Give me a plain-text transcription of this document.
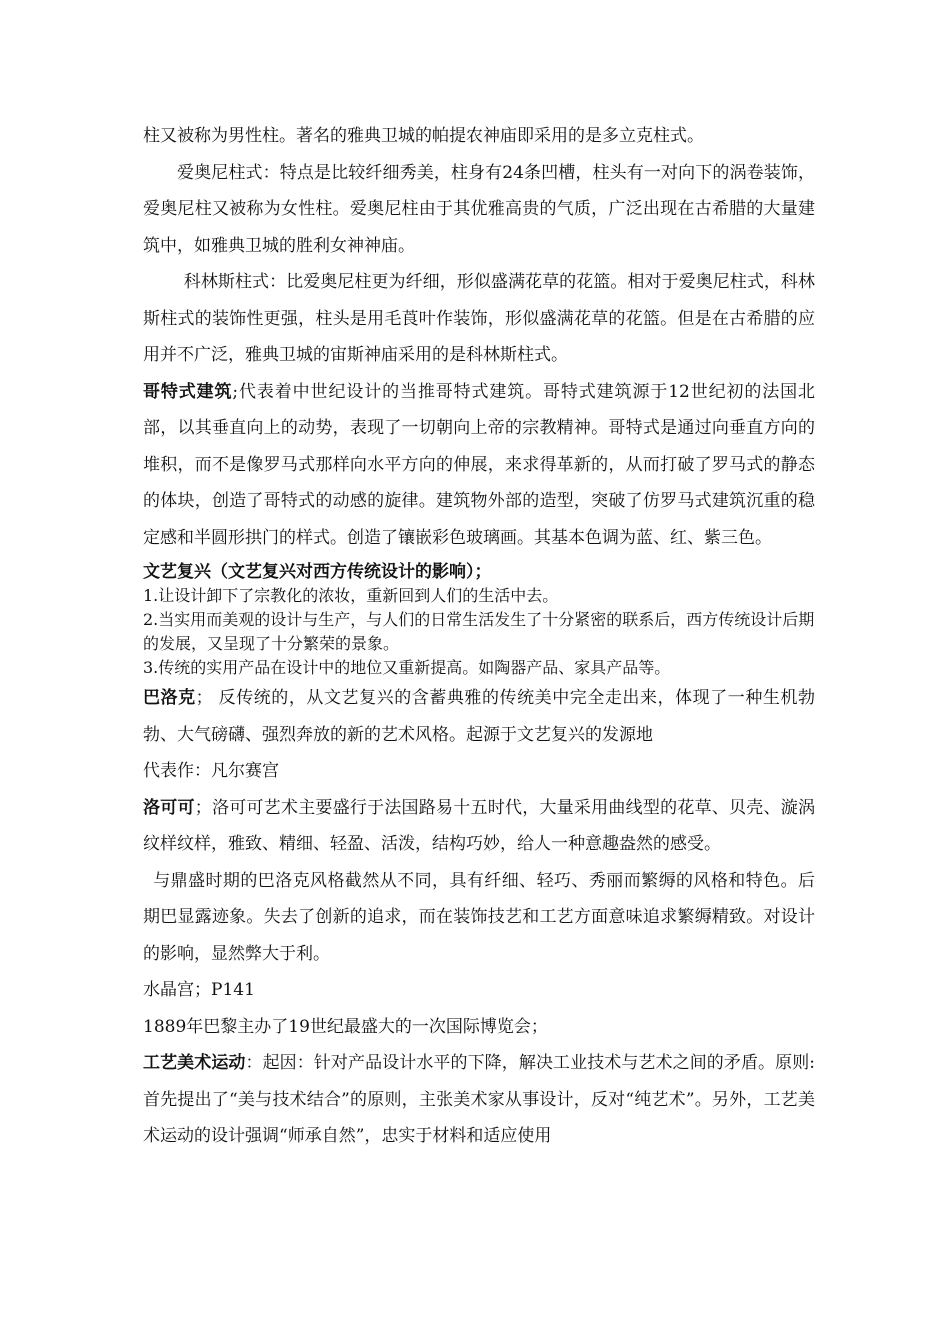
柱又被称为男性柱。著名的雅典卫城的帕提农神庙即采用的是多立克柱式。

爱奥尼柱式：特点是比较纤细秀美，柱身有24条凹槽，柱头有一对向下的涡卷装饰，爱奥尼柱又被称为女性柱。爱奥尼柱由于其优雅高贵的气质，广泛出现在古希腊的大量建筑中，如雅典卫城的胜利女神神庙。

科林斯柱式：比爱奥尼柱更为纤细，形似盛满花草的花篮。相对于爱奥尼柱式，科林斯柱式的装饰性更强，柱头是用毛莨叶作装饰，形似盛满花草的花篮。但是在古希腊的应用并不广泛，雅典卫城的宙斯神庙采用的是科林斯柱式。

哥特式建筑;代表着中世纪设计的当推哥特式建筑。哥特式建筑源于12世纪初的法国北部，以其垂直向上的动势，表现了一切朝向上帝的宗教精神。哥特式是通过向垂直方向的堆积，而不是像罗马式那样向水平方向的伸展，来求得革新的，从而打破了罗马式的静态的体块，创造了哥特式的动感的旋律。建筑物外部的造型，突破了仿罗马式建筑沉重的稳定感和半圆形拱门的样式。创造了镶嵌彩色玻璃画。其基本色调为蓝、红、紫三色。

文艺复兴（文艺复兴对西方传统设计的影响）；

1.让设计卸下了宗教化的浓妆，重新回到人们的生活中去。

2.当实用而美观的设计与生产，与人们的日常生活发生了十分紧密的联系后，西方传统设计后期的发展，又呈现了十分繁荣的景象。

3.传统的实用产品在设计中的地位又重新提高。如陶器产品、家具产品等。

巴洛克； 反传统的，从文艺复兴的含蓄典雅的传统美中完全走出来，体现了一种生机勃勃、大气磅礴、强烈奔放的新的艺术风格。起源于文艺复兴的发源地

代表作：凡尔赛宫

洛可可；洛可可艺术主要盛行于法国路易十五时代，大量采用曲线型的花草、贝壳、漩涡纹样纹样，雅致、精细、轻盈、活泼，结构巧妙，给人一种意趣盎然的感受。

与鼎盛时期的巴洛克风格截然从不同，具有纤细、轻巧、秀丽而繁缛的风格和特色。后期巴显露迹象。失去了创新的追求，而在装饰技艺和工艺方面意味追求繁缛精致。对设计的影响，显然弊大于利。

水晶宫；P141

1889年巴黎主办了19世纪最盛大的一次国际博览会；

工艺美术运动：起因：针对产品设计水平的下降，解决工业技术与艺术之间的矛盾。原则:首先提出了“美与技术结合”的原则，主张美术家从事设计，反对“纯艺术”。另外，工艺美术运动的设计强调“师承自然”，忠实于材料和适应使用
